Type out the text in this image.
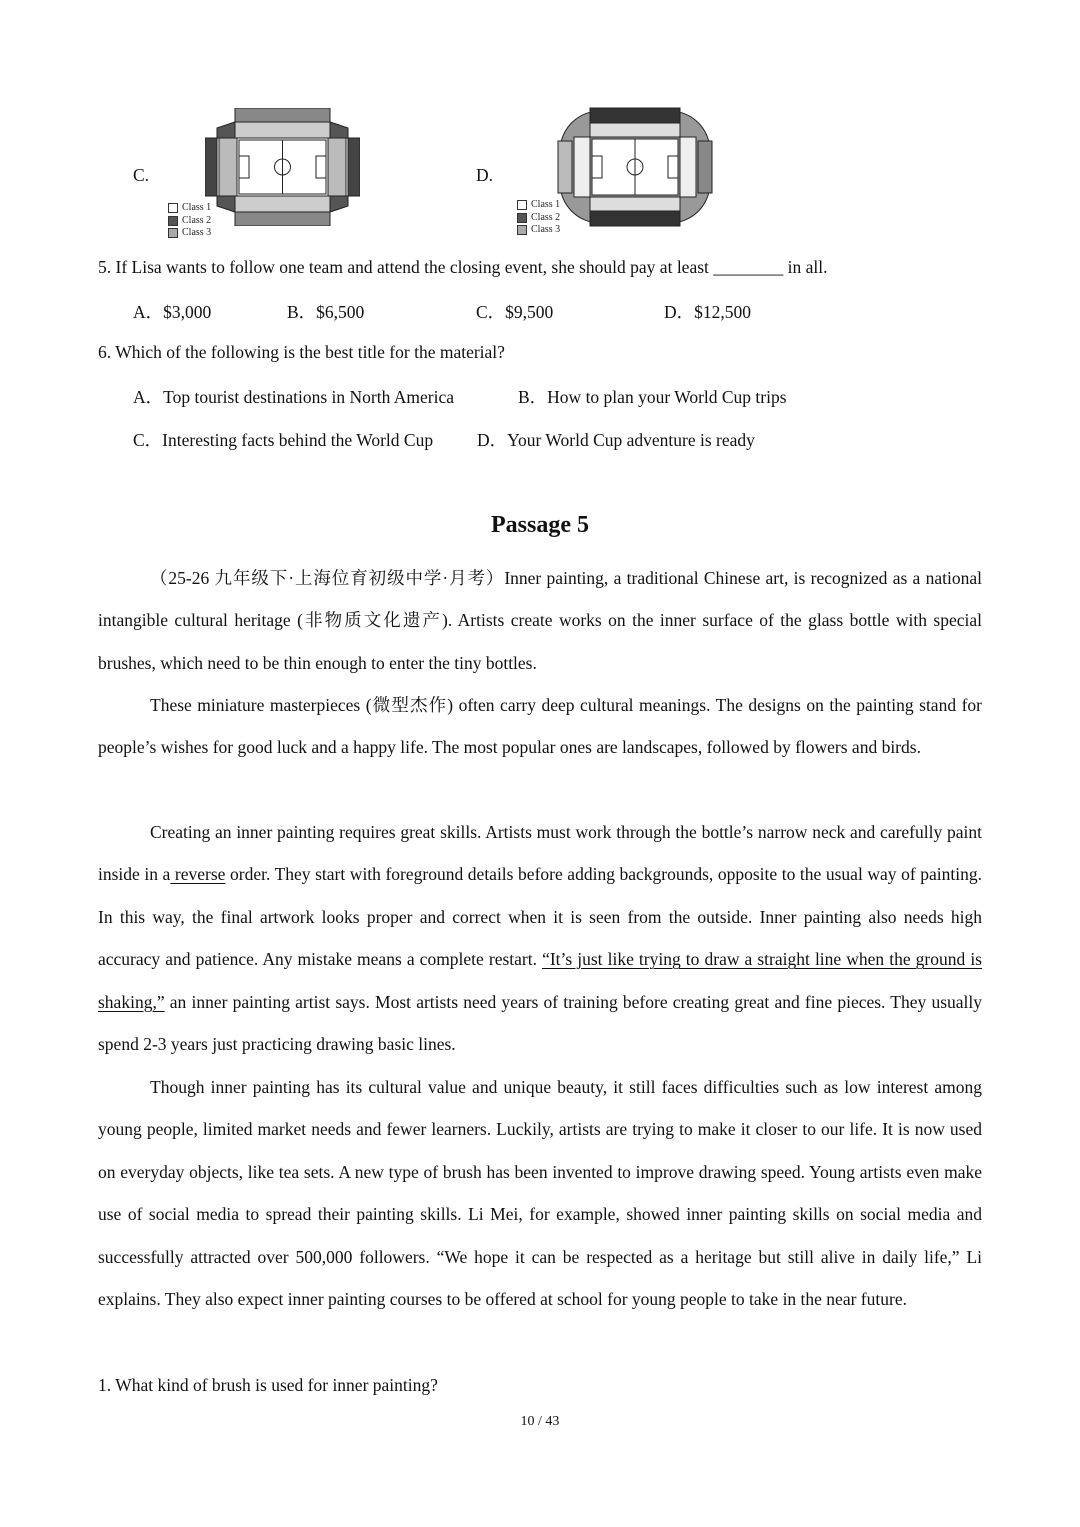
C.
Class 1
Class 2
Class 3
D.
Class 1
Class 2
Class 3
5. If Lisa wants to follow one team and attend the closing event, she should pay at least ________ in all.
A．$3,000	B．$6,500	C．$9,500	D．$12,500
6. Which of the following is the best title for the material?
A．Top tourist destinations in North America	B．How to plan your World Cup trips
C．Interesting facts behind the World Cup	D．Your World Cup adventure is ready
Passage 5

（25-26 九年级下·上海位育初级中学·月考）Inner painting, a traditional Chinese art, is recognized as a national intangible cultural heritage (非物质文化遗产). Artists create works on the inner surface of the glass bottle with special brushes, which need to be thin enough to enter the tiny bottles.

These miniature masterpieces (微型杰作) often carry deep cultural meanings. The designs on the painting stand for people’s wishes for good luck and a happy life. The most popular ones are landscapes, followed by flowers and birds.

Creating an inner painting requires great skills. Artists must work through the bottle’s narrow neck and carefully paint inside in a reverse order. They start with foreground details before adding backgrounds, opposite to the usual way of painting. In this way, the final artwork looks proper and correct when it is seen from the outside. Inner painting also needs high accuracy and patience. Any mistake means a complete restart. “It’s just like trying to draw a straight line when the ground is shaking,” an inner painting artist says. Most artists need years of training before creating great and fine pieces. They usually spend 2-3 years just practicing drawing basic lines.

Though inner painting has its cultural value and unique beauty, it still faces difficulties such as low interest among young people, limited market needs and fewer learners. Luckily, artists are trying to make it closer to our life. It is now used on everyday objects, like tea sets. A new type of brush has been invented to improve drawing speed. Young artists even make use of social media to spread their painting skills. Li Mei, for example, showed inner painting skills on social media and successfully attracted over 500,000 followers. “We hope it can be respected as a heritage but still alive in daily life,” Li explains. They also expect inner painting courses to be offered at school for young people to take in the near future.

1. What kind of brush is used for inner painting?
10 / 43
